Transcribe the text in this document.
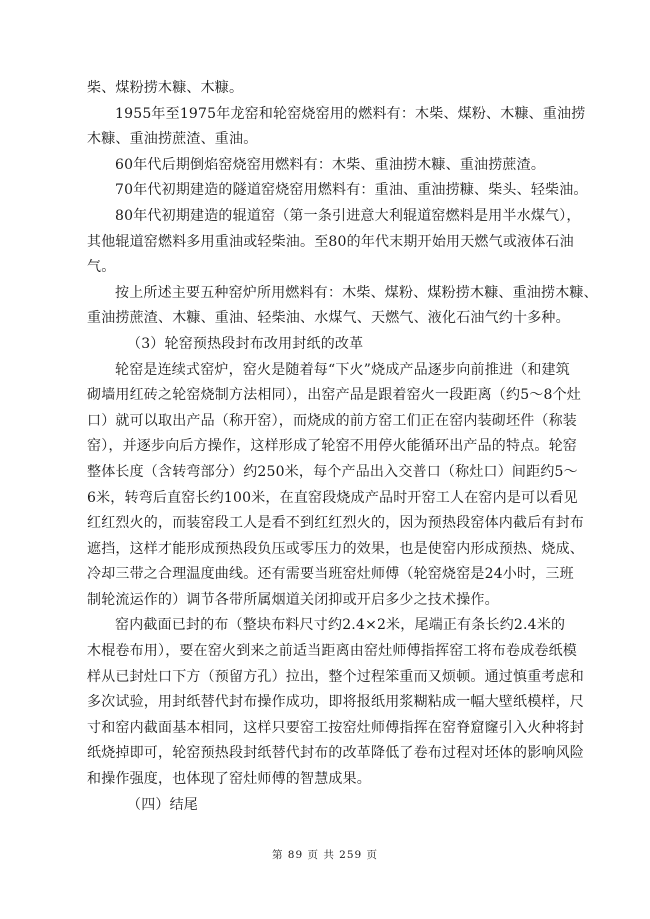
柴、煤粉捞木糠、木糠。
1955年至1975年龙窑和轮窑烧窑用的燃料有：木柴、煤粉、木糠、重油捞
木糠、重油捞蔗渣、重油。
60年代后期倒焰窑烧窑用燃料有：木柴、重油捞木糠、重油捞蔗渣。
70年代初期建造的隧道窑烧窑用燃料有：重油、重油捞糠、柴头、轻柴油。
80年代初期建造的辊道窑（第一条引进意大利辊道窑燃料是用半水煤气），
其他辊道窑燃料多用重油或轻柴油。至80的年代末期开始用天燃气或液体石油
气。
按上所述主要五种窑炉所用燃料有：木柴、煤粉、煤粉捞木糠、重油捞木糠、
重油捞蔗渣、木糠、重油、轻柴油、水煤气、天燃气、液化石油气约十多种。
（3）轮窑预热段封布改用封纸的改革
轮窑是连续式窑炉，窑火是随着每“下火”烧成产品逐步向前推进（和建筑
砌墙用红砖之轮窑烧制方法相同），出窑产品是跟着窑火一段距离（约5～8个灶
口）就可以取出产品（称开窑），而烧成的前方窑工们正在窑内装砌坯件（称装
窑），并逐步向后方操作，这样形成了轮窑不用停火能循环出产品的特点。轮窑
整体长度（含转弯部分）约250米，每个产品出入交普口（称灶口）间距约5～
6米，转弯后直窑长约100米，在直窑段烧成产品时开窑工人在窑内是可以看见
红红烈火的，而装窑段工人是看不到红红烈火的，因为预热段窑体内截后有封布
遮挡，这样才能形成预热段负压或零压力的效果，也是使窑内形成预热、烧成、
冷却三带之合理温度曲线。还有需要当班窑灶师傅（轮窑烧窑是24小时，三班
制轮流运作的）调节各带所属烟道关闭抑或开启多少之技术操作。
窑内截面已封的布（整块布料尺寸约2.4×2米，尾端正有条长约2.4米的
木棍卷布用），要在窑火到来之前适当距离由窑灶师傅指挥窑工将布卷成卷纸模
样从已封灶口下方（预留方孔）拉出，整个过程笨重而又烦顿。通过慎重考虑和
多次试验，用封纸替代封布操作成功，即将报纸用浆糊粘成一幅大壁纸模样，尺
寸和窑内截面基本相同，这样只要窑工按窑灶师傅指挥在窑脊窟窿引入火种将封
纸烧掉即可，轮窑预热段封纸替代封布的改革降低了卷布过程对坯体的影响风险
和操作强度，也体现了窑灶师傅的智慧成果。
（四）结尾
第 89 页 共 259 页
